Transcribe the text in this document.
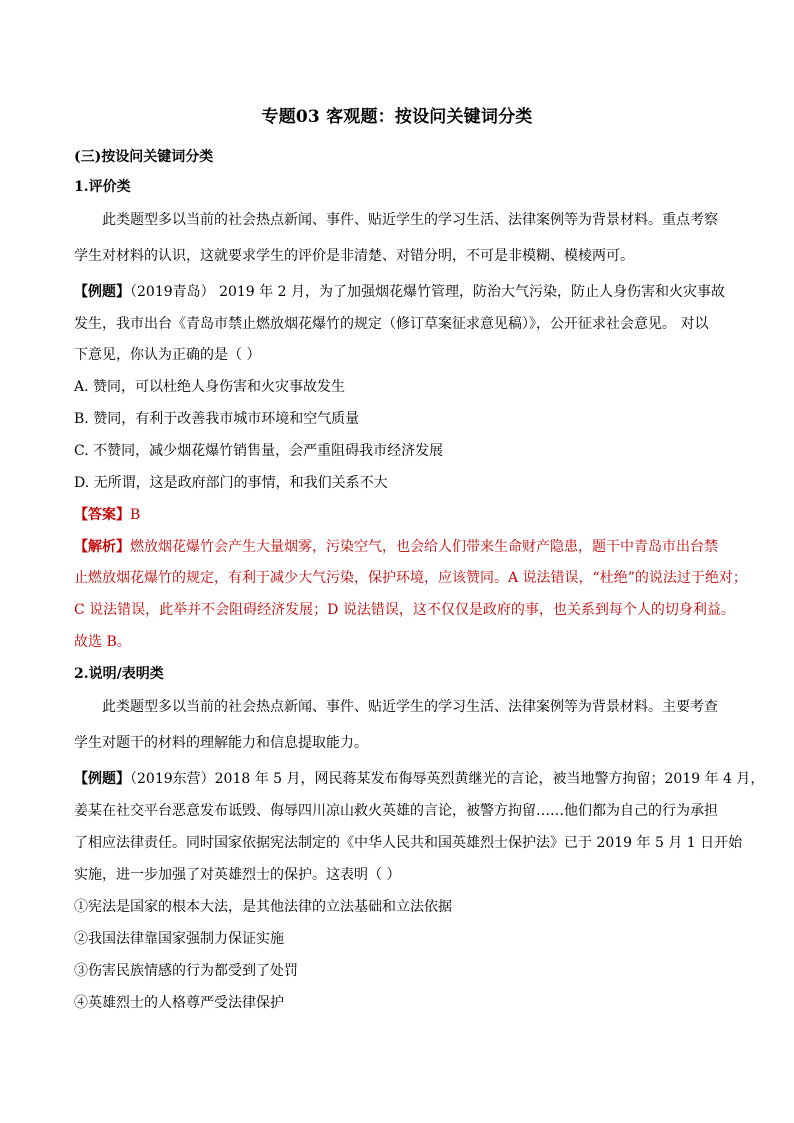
专题03 客观题：按设问关键词分类
(三)按设问关键词分类
1.评价类
此类题型多以当前的社会热点新闻、事件、贴近学生的学习生活、法律案例等为背景材料。重点考察
学生对材料的认识，这就要求学生的评价是非清楚、对错分明，不可是非模糊、模棱两可。
【例题】（2019青岛） 2019 年 2 月，为了加强烟花爆竹管理，防治大气污染，防止人身伤害和火灾事故
发生，我市出台《青岛市禁止燃放烟花爆竹的规定（修订草案征求意见稿）》，公开征求社会意见。 对以
下意见，你认为正确的是（ ）
A. 赞同，可以杜绝人身伤害和火灾事故发生
B. 赞同，有利于改善我市城市环境和空气质量
C. 不赞同，减少烟花爆竹销售量，会严重阻碍我市经济发展
D. 无所谓，这是政府部门的事情，和我们关系不大
【答案】B
【解析】燃放烟花爆竹会产生大量烟雾，污染空气，也会给人们带来生命财产隐患，题干中青岛市出台禁
止燃放烟花爆竹的规定，有利于减少大气污染，保护环境，应该赞同。A 说法错误，“杜绝”的说法过于绝对；
C 说法错误，此举并不会阻碍经济发展；D 说法错误，这不仅仅是政府的事，也关系到每个人的切身利益。
故选 B。
2.说明/表明类
此类题型多以当前的社会热点新闻、事件、贴近学生的学习生活、法律案例等为背景材料。主要考查
学生对题干的材料的理解能力和信息提取能力。
【例题】（2019东营）2018 年 5 月，网民蒋某发布侮辱英烈黄继光的言论，被当地警方拘留；2019 年 4 月，
姜某在社交平台恶意发布诋毁、侮辱四川凉山救火英雄的言论，被警方拘留……他们都为自己的行为承担
了相应法律责任。同时国家依据宪法制定的《中华人民共和国英雄烈士保护法》已于 2019 年 5 月 1 日开始
实施，进一步加强了对英雄烈士的保护。这表明（ ）
①宪法是国家的根本大法，是其他法律的立法基础和立法依据
②我国法律靠国家强制力保证实施
③伤害民族情感的行为都受到了处罚
④英雄烈士的人格尊严受法律保护
